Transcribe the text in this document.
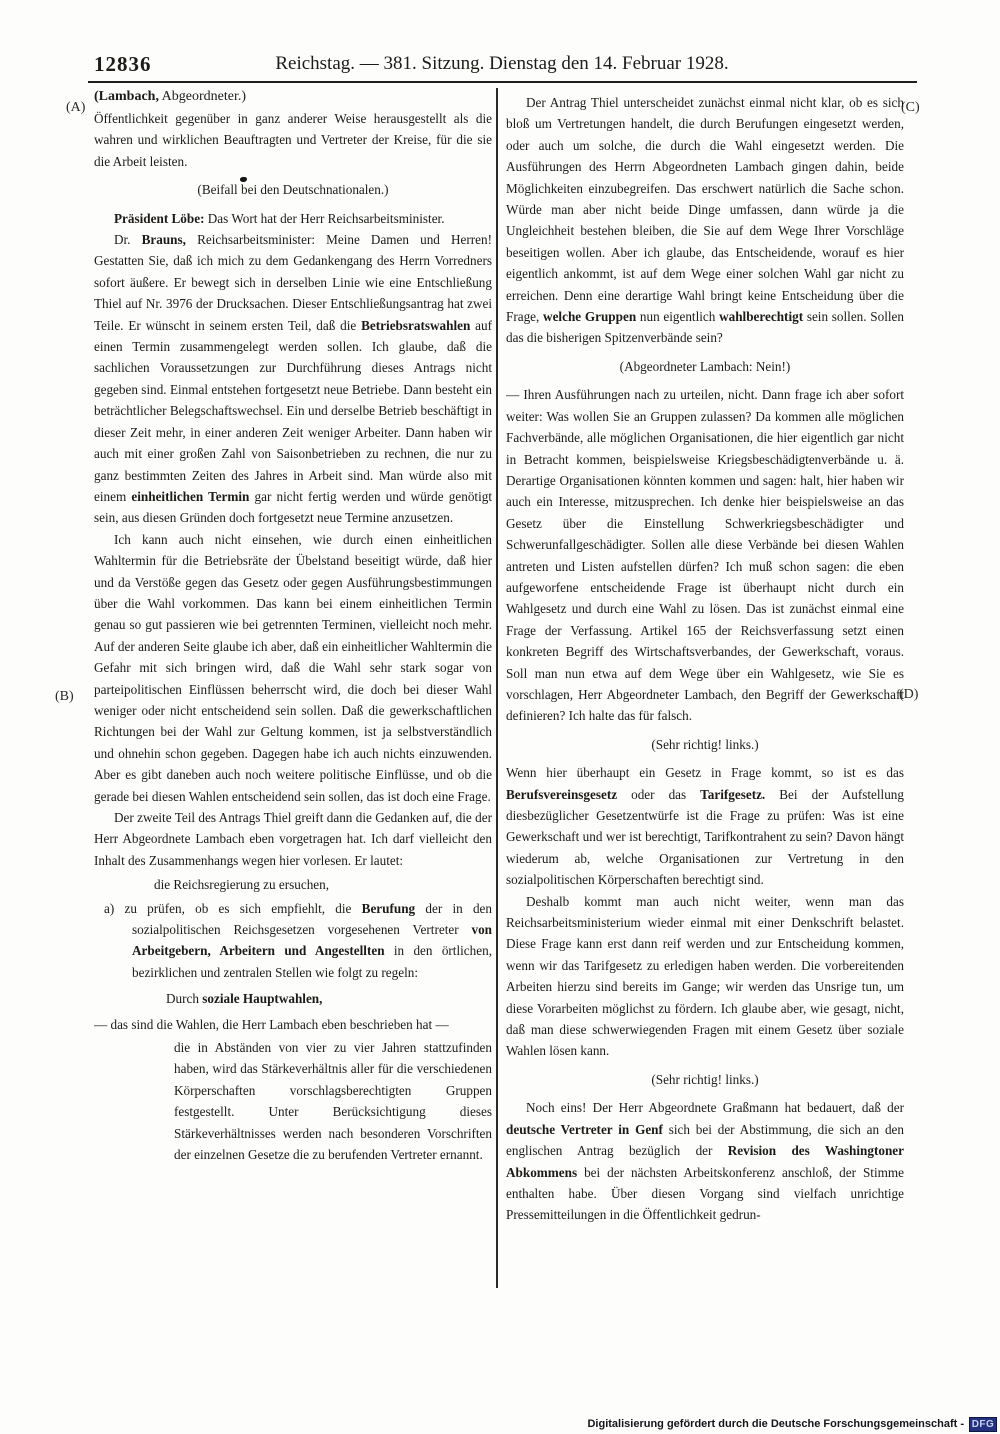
12836	Reichstag. — 381. Sitzung. Dienstag den 14. Februar 1928.
(A)
(B)
(C)
(D)
(Lambach, Abgeordneter.)
Öffentlichkeit gegenüber in ganz anderer Weise herausgestellt als die wahren und wirklichen Beauftragten und Vertreter der Kreise, für die sie die Arbeit leisten.
(Beifall bei den Deutschnationalen.)
Präsident Löbe: Das Wort hat der Herr Reichsarbeitsminister.
Dr. Brauns, Reichsarbeitsminister: Meine Damen und Herren! Gestatten Sie, daß ich mich zu dem Gedankengang des Herrn Vorredners sofort äußere. Er bewegt sich in derselben Linie wie eine Entschließung Thiel auf Nr. 3976 der Drucksachen. Dieser Entschließungsantrag hat zwei Teile. Er wünscht in seinem ersten Teil, daß die Betriebsratswahlen auf einen Termin zusammengelegt werden sollen. Ich glaube, daß die sachlichen Voraussetzungen zur Durchführung dieses Antrags nicht gegeben sind. Einmal entstehen fortgesetzt neue Betriebe. Dann besteht ein beträchtlicher Belegschaftswechsel. Ein und derselbe Betrieb beschäftigt in dieser Zeit mehr, in einer anderen Zeit weniger Arbeiter. Dann haben wir auch mit einer großen Zahl von Saisonbetrieben zu rechnen, die nur zu ganz bestimmten Zeiten des Jahres in Arbeit sind. Man würde also mit einem einheitlichen Termin gar nicht fertig werden und würde genötigt sein, aus diesen Gründen doch fortgesetzt neue Termine anzusetzen.
Ich kann auch nicht einsehen, wie durch einen einheitlichen Wahltermin für die Betriebsräte der Übelstand beseitigt würde, daß hier und da Verstöße gegen das Gesetz oder gegen Ausführungsbestimmungen über die Wahl vorkommen. Das kann bei einem einheitlichen Termin genau so gut passieren wie bei getrennten Terminen, vielleicht noch mehr. Auf der anderen Seite glaube ich aber, daß ein einheitlicher Wahltermin die Gefahr mit sich bringen wird, daß die Wahl sehr stark sogar von parteipolitischen Einflüssen beherrscht wird, die doch bei dieser Wahl weniger oder nicht entscheidend sein sollen. Daß die gewerkschaftlichen Richtungen bei der Wahl zur Geltung kommen, ist ja selbstverständlich und ohnehin schon gegeben. Dagegen habe ich auch nichts einzuwenden. Aber es gibt daneben auch noch weitere politische Einflüsse, und ob die gerade bei diesen Wahlen entscheidend sein sollen, das ist doch eine Frage.
Der zweite Teil des Antrags Thiel greift dann die Gedanken auf, die der Herr Abgeordnete Lambach eben vorgetragen hat. Ich darf vielleicht den Inhalt des Zusammenhangs wegen hier vorlesen. Er lautet:
die Reichsregierung zu ersuchen,
a) zu prüfen, ob es sich empfiehlt, die Berufung der in den sozialpolitischen Reichsgesetzen vorgesehenen Vertreter von Arbeitgebern, Arbeitern und Angestellten in den örtlichen, bezirklichen und zentralen Stellen wie folgt zu regeln:
Durch soziale Hauptwahlen,
— das sind die Wahlen, die Herr Lambach eben beschrieben hat —
die in Abständen von vier zu vier Jahren stattzufinden haben, wird das Stärkeverhältnis aller für die verschiedenen Körperschaften vorschlagsberechtigten Gruppen festgestellt. Unter Berücksichtigung dieses Stärkeverhältnisses werden nach besonderen Vorschriften der einzelnen Gesetze die zu berufenden Vertreter ernannt.
Der Antrag Thiel unterscheidet zunächst einmal nicht klar, ob es sich bloß um Vertretungen handelt, die durch Berufungen eingesetzt werden, oder auch um solche, die durch die Wahl eingesetzt werden. Die Ausführungen des Herrn Abgeordneten Lambach gingen dahin, beide Möglichkeiten einzubegreifen. Das erschwert natürlich die Sache schon. Würde man aber nicht beide Dinge umfassen, dann würde ja die Ungleichheit bestehen bleiben, die Sie auf dem Wege Ihrer Vorschläge beseitigen wollen. Aber ich glaube, das Entscheidende, worauf es hier eigentlich ankommt, ist auf dem Wege einer solchen Wahl gar nicht zu erreichen. Denn eine derartige Wahl bringt keine Entscheidung über die Frage, welche Gruppen nun eigentlich wahlberechtigt sein sollen. Sollen das die bisherigen Spitzenverbände sein?
(Abgeordneter Lambach: Nein!)
— Ihren Ausführungen nach zu urteilen, nicht. Dann frage ich aber sofort weiter: Was wollen Sie an Gruppen zulassen? Da kommen alle möglichen Fachverbände, alle möglichen Organisationen, die hier eigentlich gar nicht in Betracht kommen, beispielsweise Kriegsbeschädigtenverbände u. ä. Derartige Organisationen könnten kommen und sagen: halt, hier haben wir auch ein Interesse, mitzusprechen. Ich denke hier beispielsweise an das Gesetz über die Einstellung Schwerkriegsbeschädigter und Schwerunfallgeschädigter. Sollen alle diese Verbände bei diesen Wahlen antreten und Listen aufstellen dürfen? Ich muß schon sagen: die eben aufgeworfene entscheidende Frage ist überhaupt nicht durch ein Wahlgesetz und durch eine Wahl zu lösen. Das ist zunächst einmal eine Frage der Verfassung. Artikel 165 der Reichsverfassung setzt einen konkreten Begriff des Wirtschaftsverbandes, der Gewerkschaft, voraus. Soll man nun etwa auf dem Wege über ein Wahlgesetz, wie Sie es vorschlagen, Herr Abgeordneter Lambach, den Begriff der Gewerkschaft definieren? Ich halte das für falsch.
(Sehr richtig! links.)
Wenn hier überhaupt ein Gesetz in Frage kommt, so ist es das Berufsvereinsgesetz oder das Tarifgesetz. Bei der Aufstellung diesbezüglicher Gesetzentwürfe ist die Frage zu prüfen: Was ist eine Gewerkschaft und wer ist berechtigt, Tarifkontrahent zu sein? Davon hängt wiederum ab, welche Organisationen zur Vertretung in den sozialpolitischen Körperschaften berechtigt sind.
Deshalb kommt man auch nicht weiter, wenn man das Reichsarbeitsministerium wieder einmal mit einer Denkschrift belastet. Diese Frage kann erst dann reif werden und zur Entscheidung kommen, wenn wir das Tarifgesetz zu erledigen haben werden. Die vorbereitenden Arbeiten hierzu sind bereits im Gange; wir werden das Unsrige tun, um diese Vorarbeiten möglichst zu fördern. Ich glaube aber, wie gesagt, nicht, daß man diese schwerwiegenden Fragen mit einem Gesetz über soziale Wahlen lösen kann.
(Sehr richtig! links.)
Noch eins! Der Herr Abgeordnete Graßmann hat bedauert, daß der deutsche Vertreter in Genf sich bei der Abstimmung, die sich an den englischen Antrag bezüglich der Revision des Washingtoner Abkommens bei der nächsten Arbeitskonferenz anschloß, der Stimme enthalten habe. Über diesen Vorgang sind vielfach unrichtige Pressemitteilungen in die Öffentlichkeit gedrun-
Digitalisierung gefördert durch die Deutsche Forschungsgemeinschaft - DFG
